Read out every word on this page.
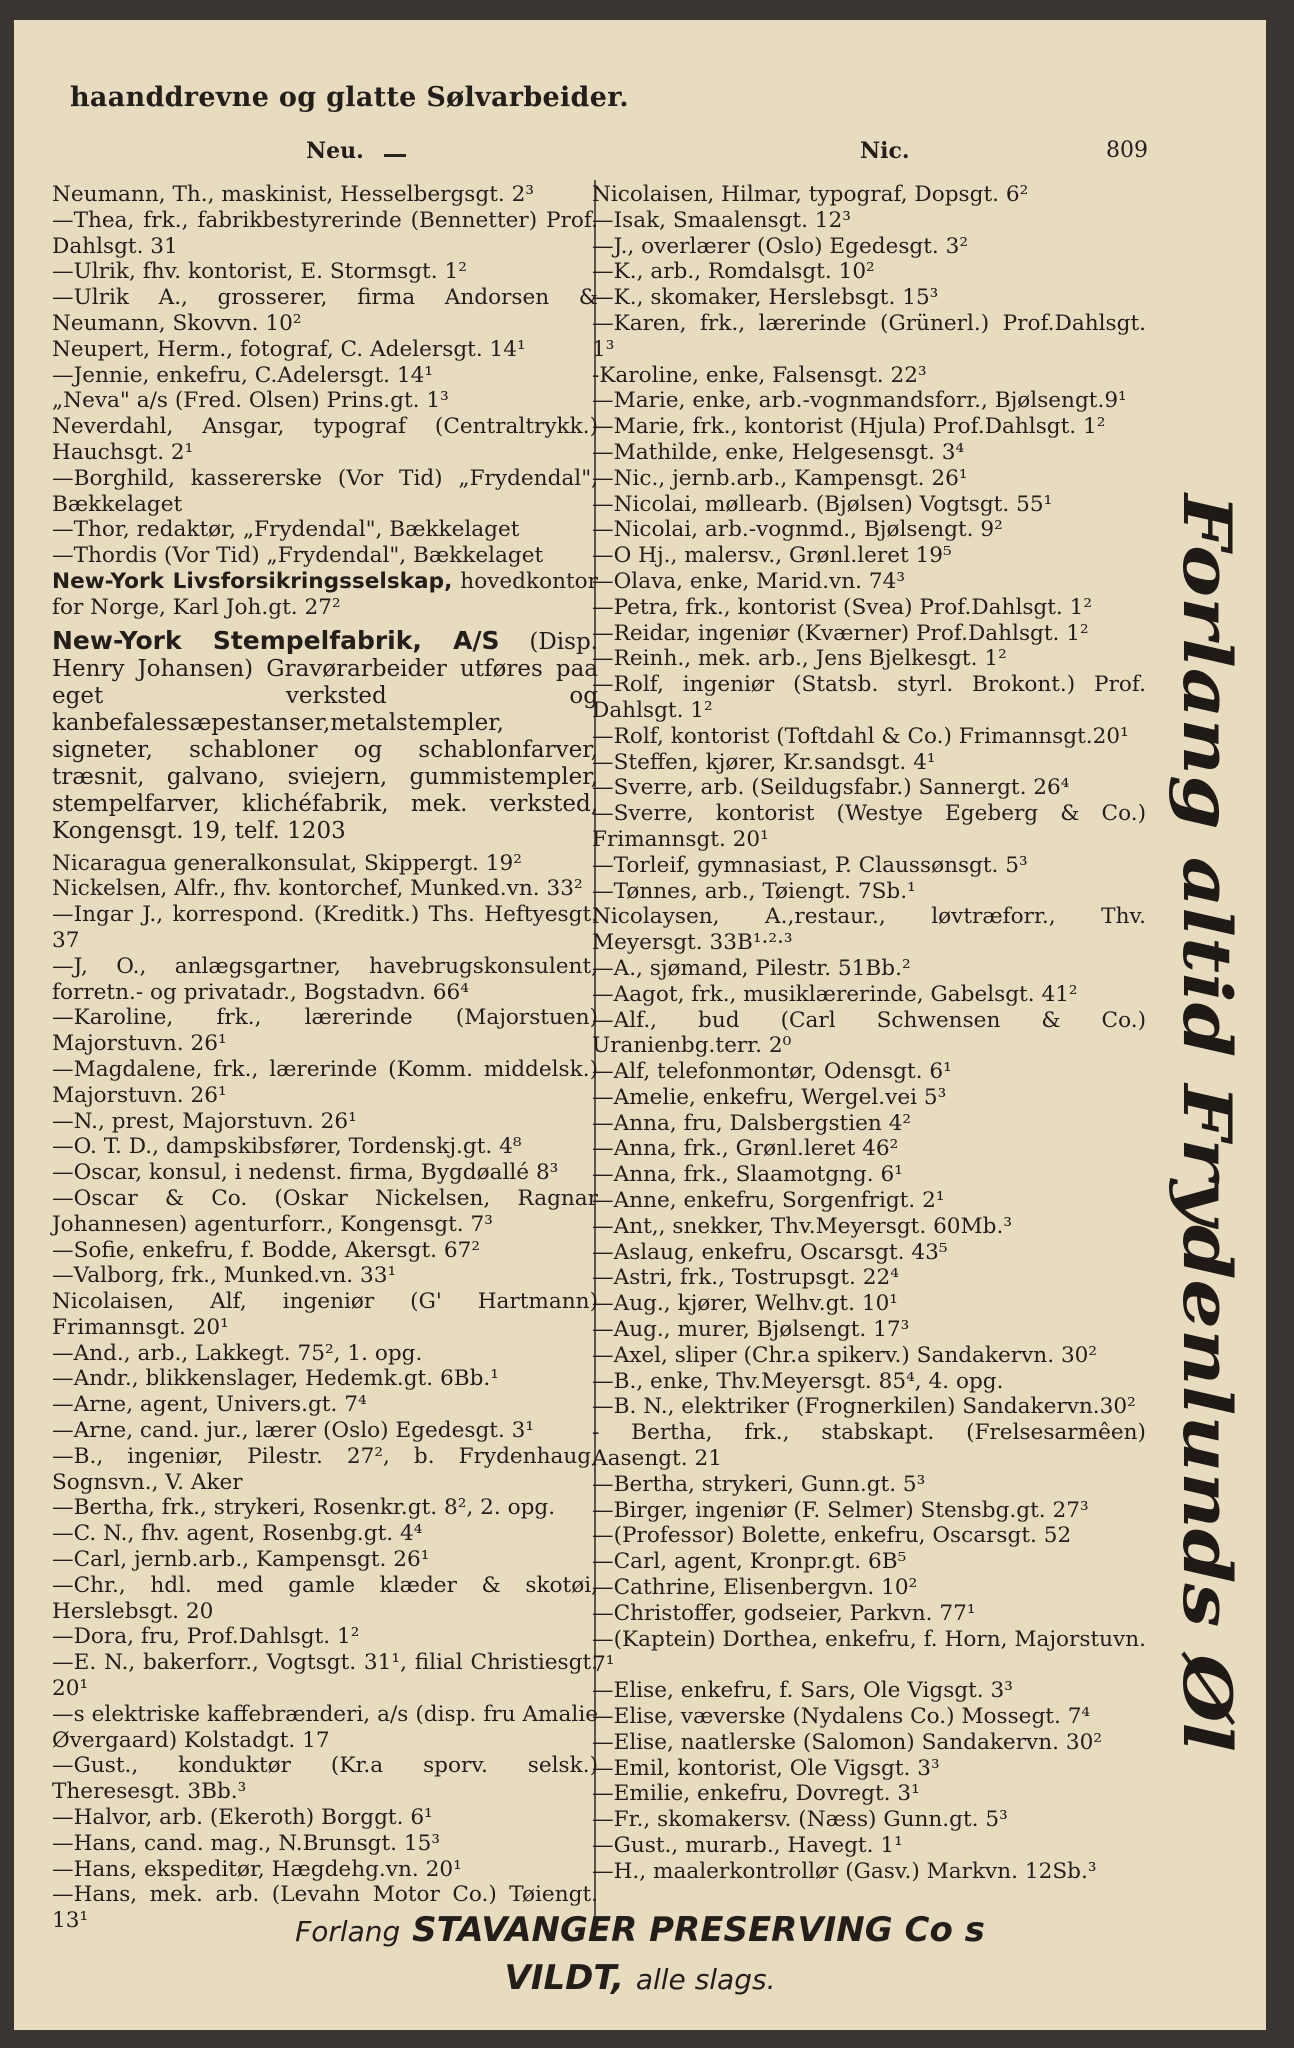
haanddrevne og glatte Sølvarbeider.
Neu.	Nic.	809
Neumann, Th., maskinist, Hesselbergsgt. 2³
—Thea, frk., fabrikbestyrerinde (Bennetter) Prof. Dahlsgt. 31
—Ulrik, fhv. kontorist, E. Stormsgt. 1²
—Ulrik A., grosserer, firma Andorsen & Neumann, Skovvn. 10²
Neupert, Herm., fotograf, C. Adelersgt. 14¹
—Jennie, enkefru, C.Adelersgt. 14¹
„Neva" a/s (Fred. Olsen) Prins.gt. 1³
Neverdahl, Ansgar, typograf (Centraltrykk.) Hauchsgt. 2¹
—Borghild, kassererske (Vor Tid) „Frydendal", Bækkelaget
—Thor, redaktør, „Frydendal", Bækkelaget
—Thordis (Vor Tid) „Frydendal", Bækkelaget
New-York Livsforsikringsselskap, hovedkontor for Norge, Karl Joh.gt. 27²
New-York Stempelfabrik, A/S (Disp. Henry Johansen) Gravørarbeider utføres paa eget verksted og kanbefalessæpestanser,metalstempler, signeter, schabloner og schablonfarver, træsnit, galvano, sviejern, gummistempler, stempelfarver, klichéfabrik, mek. verksted, Kongensgt. 19, telf. 1203
Nicaragua generalkonsulat, Skippergt. 19²
Nickelsen, Alfr., fhv. kontorchef, Munked.vn. 33²
—Ingar J., korrespond. (Kreditk.) Ths. Heftyesgt. 37
—J, O., anlægsgartner, havebrugskonsulent, forretn.- og privatadr., Bogstadvn. 66⁴
—Karoline, frk., lærerinde (Majorstuen) Majorstuvn. 26¹
—Magdalene, frk., lærerinde (Komm. middelsk.) Majorstuvn. 26¹
—N., prest, Majorstuvn. 26¹
—O. T. D., dampskibsfører, Tordenskj.gt. 4⁸
—Oscar, konsul, i nedenst. firma, Bygdøallé 8³
—Oscar & Co. (Oskar Nickelsen, Ragnar Johannesen) agenturforr., Kongensgt. 7³
—Sofie, enkefru, f. Bodde, Akersgt. 67²
—Valborg, frk., Munked.vn. 33¹
Nicolaisen, Alf, ingeniør (G' Hartmann) Frimannsgt. 20¹
—And., arb., Lakkegt. 75², 1. opg.
—Andr., blikkenslager, Hedemk.gt. 6Bb.¹
—Arne, agent, Univers.gt. 7⁴
—Arne, cand. jur., lærer (Oslo) Egedesgt. 3¹
—B., ingeniør, Pilestr. 27², b. Frydenhaug, Sognsvn., V. Aker
—Bertha, frk., strykeri, Rosenkr.gt. 8², 2. opg.
—C. N., fhv. agent, Rosenbg.gt. 4⁴
—Carl, jernb.arb., Kampensgt. 26¹
—Chr., hdl. med gamle klæder & skotøi, Herslebsgt. 20
—Dora, fru, Prof.Dahlsgt. 1²
—E. N., bakerforr., Vogtsgt. 31¹, filial Christiesgt. 20¹
—s elektriske kaffebrænderi, a/s (disp. fru Amalie Øvergaard) Kolstadgt. 17
—Gust., konduktør (Kr.a sporv. selsk.) Theresesgt. 3Bb.³
—Halvor, arb. (Ekeroth) Borggt. 6¹
—Hans, cand. mag., N.Brunsgt. 15³
—Hans, ekspeditør, Hægdehg.vn. 20¹
—Hans, mek. arb. (Levahn Motor Co.) Tøiengt. 13¹
Nicolaisen, Hilmar, typograf, Dopsgt. 6²
—Isak, Smaalensgt. 12³
—J., overlærer (Oslo) Egedesgt. 3²
—K., arb., Romdalsgt. 10²
—K., skomaker, Herslebsgt. 15³
—Karen, frk., lærerinde (Grünerl.) Prof.Dahlsgt. 1³
-Karoline, enke, Falsensgt. 22³
—Marie, enke, arb.-vognmandsforr., Bjølsengt.9¹
—Marie, frk., kontorist (Hjula) Prof.Dahlsgt. 1²
—Mathilde, enke, Helgesensgt. 3⁴
—Nic., jernb.arb., Kampensgt. 26¹
—Nicolai, møllearb. (Bjølsen) Vogtsgt. 55¹
—Nicolai, arb.-vognmd., Bjølsengt. 9²
—O Hj., malersv., Grønl.leret 19⁵
—Olava, enke, Marid.vn. 74³
—Petra, frk., kontorist (Svea) Prof.Dahlsgt. 1²
—Reidar, ingeniør (Kværner) Prof.Dahlsgt. 1²
—Reinh., mek. arb., Jens Bjelkesgt. 1²
—Rolf, ingeniør (Statsb. styrl. Brokont.) Prof. Dahlsgt. 1²
—Rolf, kontorist (Toftdahl & Co.) Frimannsgt.20¹
—Steffen, kjører, Kr.sandsgt. 4¹
—Sverre, arb. (Seildugsfabr.) Sannergt. 26⁴
—Sverre, kontorist (Westye Egeberg & Co.) Frimannsgt. 20¹
—Torleif, gymnasiast, P. Claussønsgt. 5³
—Tønnes, arb., Tøiengt. 7Sb.¹
Nicolaysen, A.,restaur., løvtræforr., Thv. Meyersgt. 33B¹·²·³
—A., sjømand, Pilestr. 51Bb.²
—Aagot, frk., musiklærerinde, Gabelsgt. 41²
—Alf., bud (Carl Schwensen & Co.) Uranienbg.terr. 2⁰
—Alf, telefonmontør, Odensgt. 6¹
—Amelie, enkefru, Wergel.vei 5³
—Anna, fru, Dalsbergstien 4²
—Anna, frk., Grønl.leret 46²
—Anna, frk., Slaamotgng. 6¹
—Anne, enkefru, Sorgenfrigt. 2¹
—Ant,, snekker, Thv.Meyersgt. 60Mb.³
—Aslaug, enkefru, Oscarsgt. 43⁵
—Astri, frk., Tostrupsgt. 22⁴
—Aug., kjører, Welhv.gt. 10¹
—Aug., murer, Bjølsengt. 17³
—Axel, sliper (Chr.a spikerv.) Sandakervn. 30²
—B., enke, Thv.Meyersgt. 85⁴, 4. opg.
—B. N., elektriker (Frognerkilen) Sandakervn.30²
- Bertha, frk., stabskapt. (Frelsesarmêen) Aasengt. 21
—Bertha, strykeri, Gunn.gt. 5³
—Birger, ingeniør (F. Selmer) Stensbg.gt. 27³
—(Professor) Bolette, enkefru, Oscarsgt. 52
—Carl, agent, Kronpr.gt. 6B⁵
—Cathrine, Elisenbergvn. 10²
—Christoffer, godseier, Parkvn. 77¹
—(Kaptein) Dorthea, enkefru, f. Horn, Majorstuvn. 7¹
—Elise, enkefru, f. Sars, Ole Vigsgt. 3³
—Elise, væverske (Nydalens Co.) Mossegt. 7⁴
—Elise, naatlerske (Salomon) Sandakervn. 30²
—Emil, kontorist, Ole Vigsgt. 3³
—Emilie, enkefru, Dovregt. 3¹
—Fr., skomakersv. (Næss) Gunn.gt. 5³
—Gust., murarb., Havegt. 1¹
—H., maalerkontrollør (Gasv.) Markvn. 12Sb.³
Forlang altid Frydenlunds Øl
Forlang STAVANGER PRESERVING Co s
VILDT, alle slags.
